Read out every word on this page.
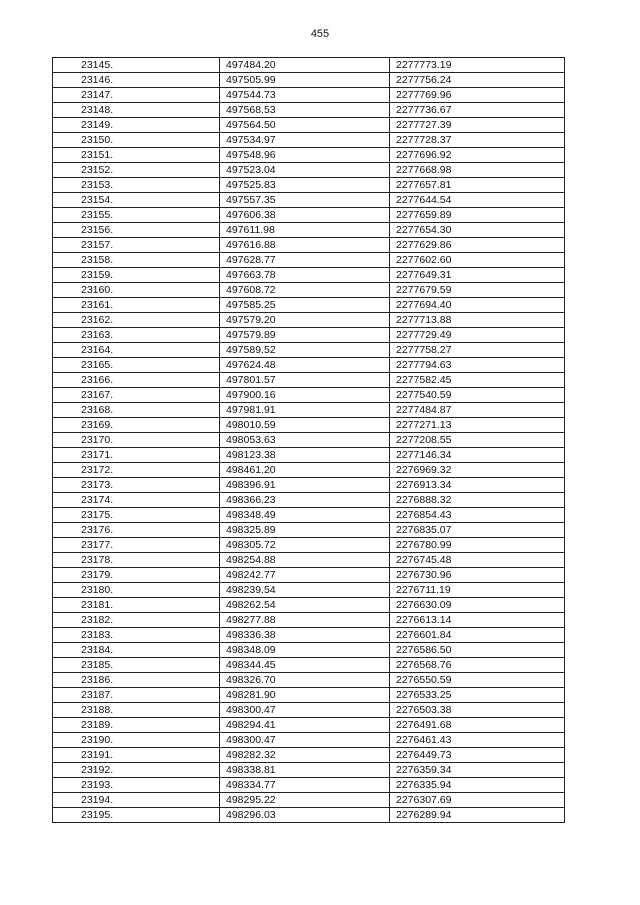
455
23145.	497484.20	2277773.19
23146.	497505.99	2277756.24
23147.	497544.73	2277769.96
23148.	497568.53	2277736.67
23149.	497564.50	2277727.39
23150.	497534.97	2277728.37
23151.	497548.96	2277696.92
23152.	497523.04	2277668.98
23153.	497525.83	2277657.81
23154.	497557.35	2277644.54
23155.	497606.38	2277659.89
23156.	497611.98	2277654.30
23157.	497616.88	2277629.86
23158.	497628.77	2277602.60
23159.	497663.78	2277649.31
23160.	497608.72	2277679.59
23161.	497585.25	2277694.40
23162.	497579.20	2277713.88
23163.	497579.89	2277729.49
23164.	497589.52	2277758.27
23165.	497624.48	2277794.63
23166.	497801.57	2277582.45
23167.	497900.16	2277540.59
23168.	497981.91	2277484.87
23169.	498010.59	2277271.13
23170.	498053.63	2277208.55
23171.	498123.38	2277146.34
23172.	498461.20	2276969.32
23173.	498396.91	2276913.34
23174.	498366.23	2276888.32
23175.	498348.49	2276854.43
23176.	498325.89	2276835.07
23177.	498305.72	2276780.99
23178.	498254.88	2276745.48
23179.	498242.77	2276730.96
23180.	498239.54	2276711.19
23181.	498262.54	2276630.09
23182.	498277.88	2276613.14
23183.	498336.38	2276601.84
23184.	498348.09	2276586.50
23185.	498344.45	2276568.76
23186.	498326.70	2276550.59
23187.	498281.90	2276533.25
23188.	498300.47	2276503.38
23189.	498294.41	2276491.68
23190.	498300.47	2276461.43
23191.	498282.32	2276449.73
23192.	498338.81	2276359.34
23193.	498334.77	2276335.94
23194.	498295.22	2276307.69
23195.	498296.03	2276289.94
